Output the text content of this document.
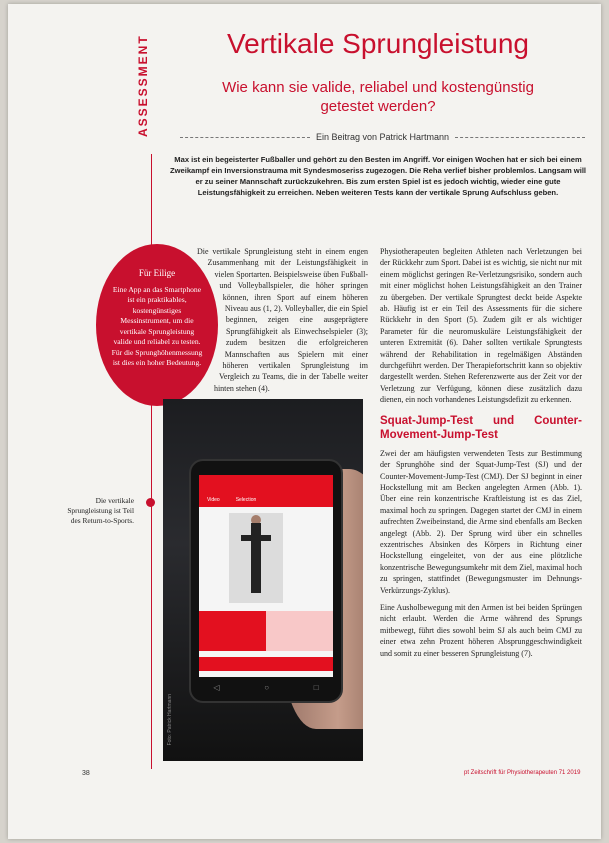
ASSESSMENT	Vertikale Sprungleistung
Wie kann sie valide, reliabel und kostengünstig getestet werden?
Ein Beitrag von Patrick Hartmann
Max ist ein begeisterter Fußballer und gehört zu den Besten im Angriff. Vor einigen Wochen hat er sich bei einem Zweikampf ein Inversionstrauma mit Syndesmoseriss zugezogen. Die Reha verlief bisher problemlos. Langsam will er zu seiner Mannschaft zurückzukehren. Bis zum ersten Spiel ist es jedoch wichtig, wieder eine gute Leistungsfähigkeit zu erreichen. Neben weiteren Tests kann der vertikale Sprung Aufschluss geben.

Die vertikale Sprungleistung steht in einem engen Zusammenhang mit der Leistungsfähigkeit in vielen Sportarten. Beispielsweise üben Fußball- und Volleyballspieler, die höher springen können, ihren Sport auf einem höheren Niveau aus (1, 2). Volleyballer, die ein Spiel beginnen, zeigen eine ausgeprägtere Sprungfähigkeit als Einwechselspieler (3); zudem besitzen die erfolgreicheren Mannschaften aus Spielern mit einer höheren vertikalen Sprungleistung im Vergleich zu Teams, die in der Tabelle weiter hinten stehen (4).

Für Eilige

Eine App an das Smartphone ist ein praktikables, kostengünstiges Messinstrument, um die vertikale Sprungleistung valide und reliabel zu testen. Für die Sprunghöhenmessung ist dies ein hoher Bedeutung.

Die vertikale Sprungleistung ist Teil des Return-to-Sports.
Video	Selection
◁	○	□
Foto: Patrick Hartmann

Physiotherapeuten begleiten Athleten nach Verletzungen bei der Rückkehr zum Sport. Dabei ist es wichtig, sie nicht nur mit einem möglichst geringen Re-Verletzungsrisiko, sondern auch mit einer möglichst hohen Leistungsfähigkeit an den Trainer zu übergeben. Der vertikale Sprungtest deckt beide Aspekte ab. Häufig ist er ein Teil des Assessments für die sichere Rückkehr in den Sport (5). Zudem gilt er als wichtiger Parameter für die neuromuskuläre Leistungsfähigkeit der unteren Extremität (6). Daher sollten vertikale Sprungtests während der Rehabilitation in regelmäßigen Abständen durchgeführt werden. Der Therapiefortschritt kann so objektiv dargestellt werden. Stehen Referenzwerte aus der Zeit vor der Verletzung zur Verfügung, können diese zusätzlich dazu dienen, ein noch vorhandenes Leistungsdefizit zu erkennen.

Squat-Jump-Test und Counter-Movement-Jump-Test

Zwei der am häufigsten verwendeten Tests zur Bestimmung der Sprunghöhe sind der Squat-Jump-Test (SJ) und der Counter-Movement-Jump-Test (CMJ). Der SJ beginnt in einer Hockstellung mit am Becken angelegten Armen (Abb. 1). Über eine rein konzentrische Kraftleistung ist es das Ziel, maximal hoch zu springen. Dagegen startet der CMJ in einem aufrechten Zweibeinstand, die Arme sind ebenfalls am Becken angelegt (Abb. 2). Der Sprung wird über ein schnelles exzentrisches Absinken des Körpers in Richtung einer Hockstellung eingeleitet, von der aus eine plötzliche konzentrische Bewegungsumkehr mit dem Ziel, maximal hoch zu springen, stattfindet (Bewegungsmuster im Dehnungs-Verkürzungs-Zyklus).

Eine Ausholbewegung mit den Armen ist bei beiden Sprüngen nicht erlaubt. Werden die Arme während des Sprungs mitbewegt, führt dies sowohl beim SJ als auch beim CMJ zu einer etwa zehn Prozent höheren Absprunggeschwindigkeit und somit zu einer besseren Sprungleistung (7).

38	pt Zeitschrift für Physiotherapeuten 71 2019
